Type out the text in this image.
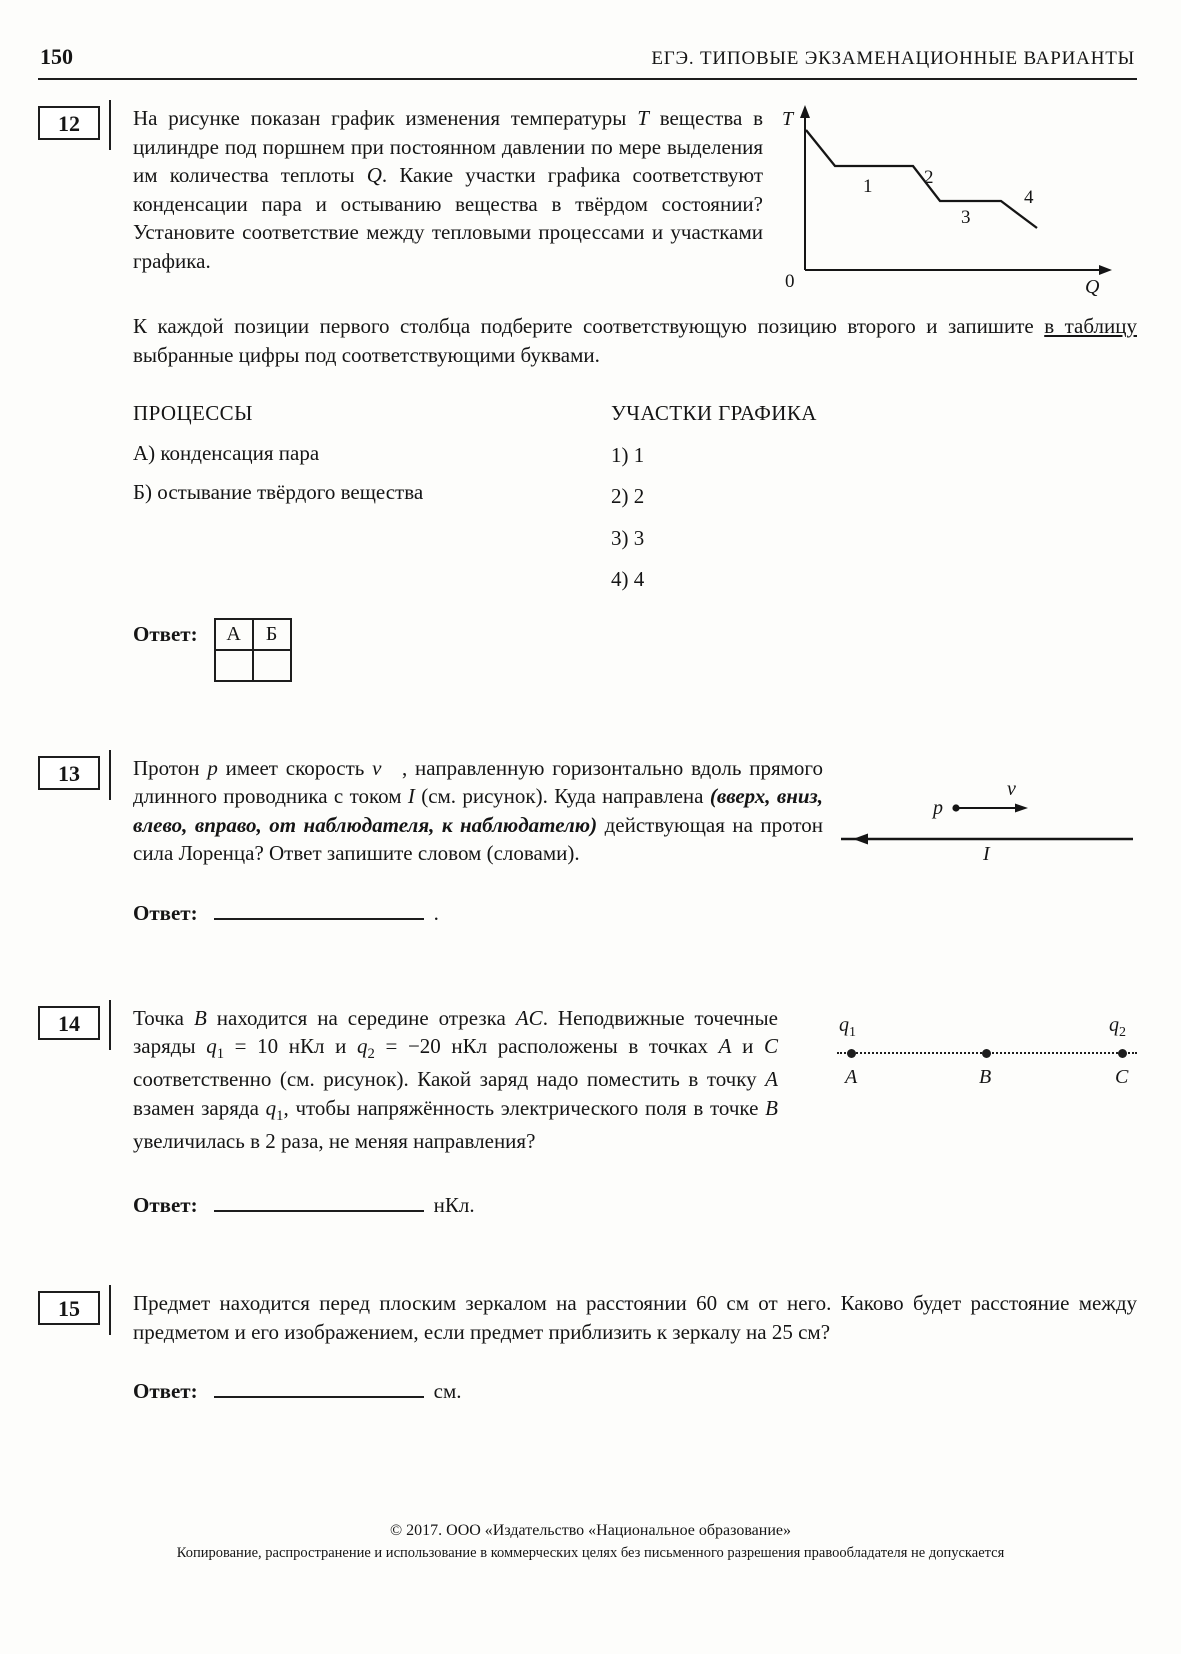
150	ЕГЭ. ТИПОВЫЕ ЭКЗАМЕНАЦИОННЫЕ ВАРИАНТЫ
12	На рисунке показан график изменения температуры T вещества в цилиндре под поршнем при постоянном давлении по мере выделения им количества теплоты Q. Какие участки графика соответствуют конденсации пара и остыванию вещества в твёрдом состоянии? Установите соответствие между тепловыми процессами и участками графика.

T
Q
0
1	2
3
4

К каждой позиции первого столбца подберите соответствующую позицию второго и запишите в таблицу выбранные цифры под соответствующими буквами.

ПРОЦЕССЫ
А) конденсация пара
Б) остывание твёрдого вещества
УЧАСТКИ ГРАФИКА
1) 1
2) 2
3) 3
4) 4
Ответ: А	Б

13	Протон p имеет скорость v⃗ , направленную горизонтально вдоль прямого длинного проводника с током I (см. рисунок). Куда направлена (вверх, вниз, влево, вправо, от наблюдателя, к наблюдателю) действующая на протон сила Лоренца? Ответ запишите словом (словами).

p
v⃗
I
Ответ:	.
14	Точка B находится на середине отрезка AC. Неподвижные точечные заряды $q_1 = 10$ нКл и $q_2 = -20$ нКл расположены в точках A и C соответственно (см. рисунок). Какой заряд надо поместить в точку A взамен заряда $q_1$, чтобы напряжённость электрического поля в точке B увеличилась в 2 раза, не меняя направления?

$q_1$	$q_2$
A	B	C
Ответ:	нКл.
15	Предмет находится перед плоским зеркалом на расстоянии 60 см от него. Каково будет расстояние между предметом и его изображением, если предмет приблизить к зеркалу на 25 см?

Ответ:	см.
© 2017. ООО «Издательство «Национальное образование»
Копирование, распространение и использование в коммерческих целях без письменного разрешения правообладателя не допускается
